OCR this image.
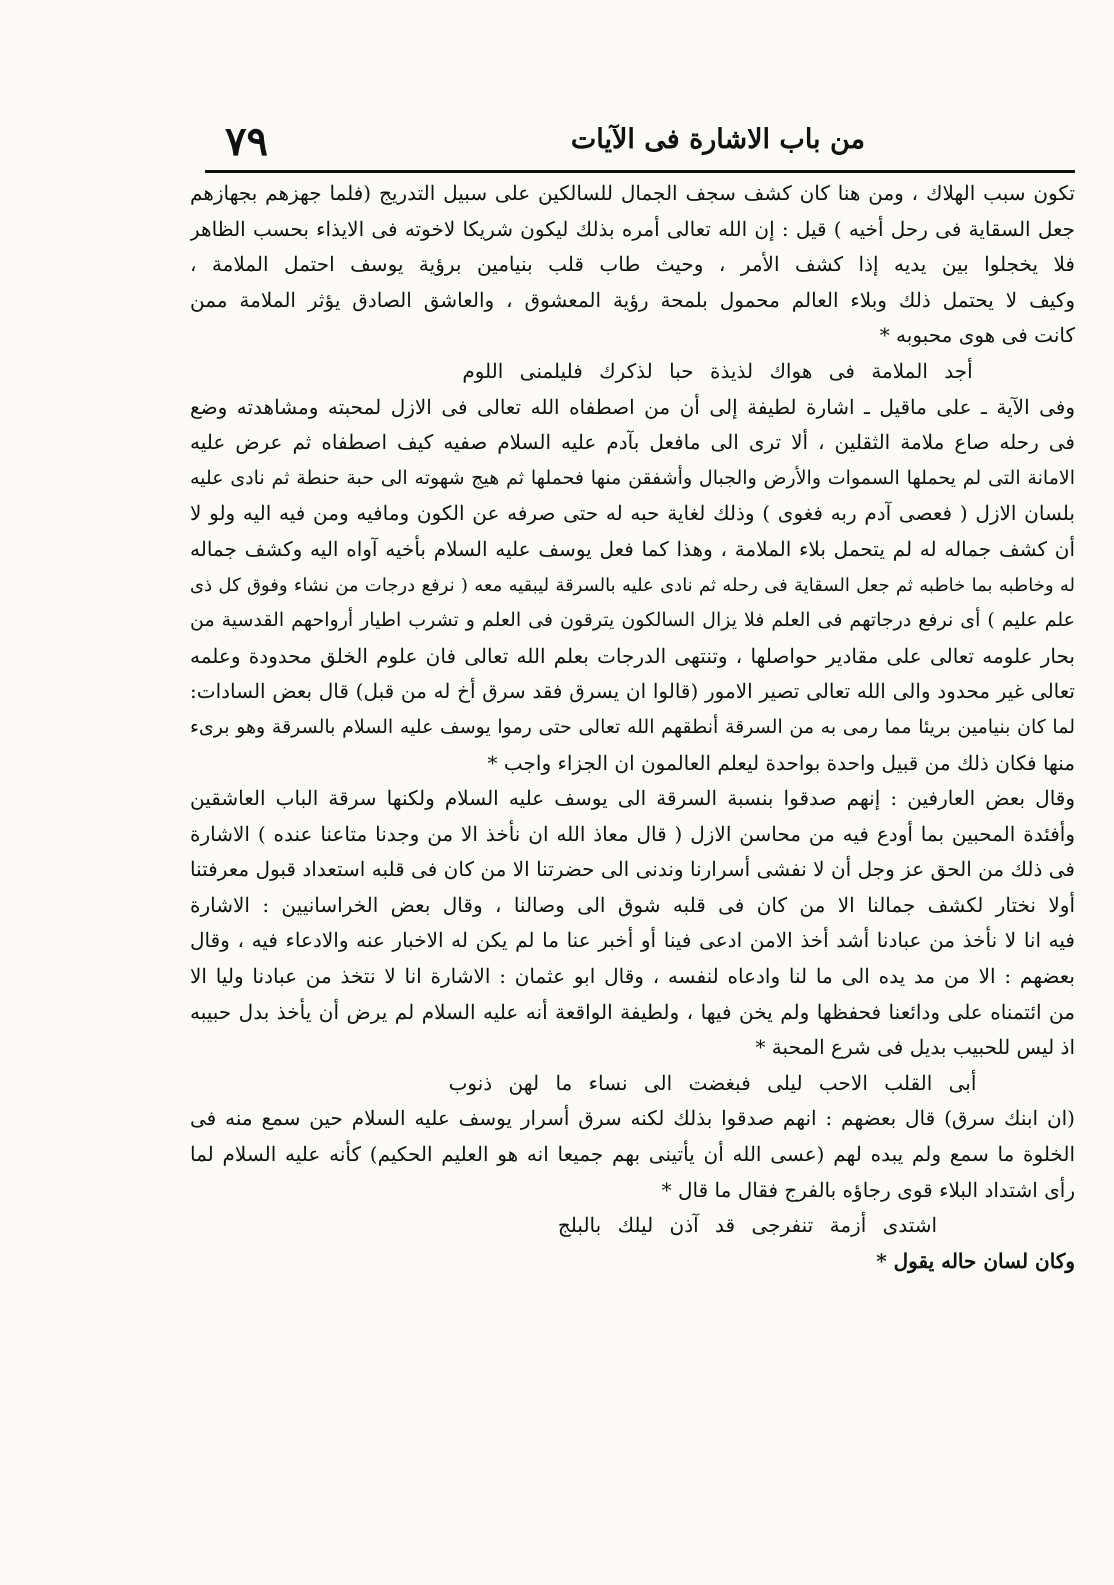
من باب الاشارة فى الآيات
٧٩
تكون سبب الهلاك ، ومن هنا كان كشف سجف الجمال للسالكين على سبيل التدريج (فلما جهزهم بجهازهم
جعل السقاية فى رحل أخيه ) قيل : إن الله تعالى أمره بذلك ليكون شريكا لاخوته فى الايذاء بحسب الظاهر
فلا يخجلوا بين يديه إذا كشف الأمر ، وحيث طاب قلب بنيامين برؤية يوسف احتمل الملامة ،
وكيف لا يحتمل ذلك وبلاء العالم محمول بلمحة رؤية المعشوق ، والعاشق الصادق يؤثر الملامة ممن
كانت فى هوى محبوبه *
أجد الملامة فى هواك لذيذة حبا لذكرك فليلمنى اللوم
وفى الآية ـ على ماقيل ـ اشارة لطيفة إلى أن من اصطفاه الله تعالى فى الازل لمحبته ومشاهدته وضع
فى رحله صاع ملامة الثقلين ، ألا ترى الى مافعل بآدم عليه السلام صفيه كيف اصطفاه ثم عرض عليه
الامانة التى لم يحملها السموات والأرض والجبال وأشفقن منها فحملها ثم هيج شهوته الى حبة حنطة ثم نادى عليه
بلسان الازل ( فعصى آدم ربه فغوى ) وذلك لغاية حبه له حتى صرفه عن الكون ومافيه ومن فيه اليه ولو لا
أن كشف جماله له لم يتحمل بلاء الملامة ، وهذا كما فعل يوسف عليه السلام بأخيه آواه اليه وكشف جماله
له وخاطبه بما خاطبه ثم جعل السقاية فى رحله ثم نادى عليه بالسرقة ليبقيه معه ( نرفع درجات من نشاء وفوق كل ذى
علم عليم ) أى نرفع درجاتهم فى العلم فلا يزال السالكون يترقون فى العلم و تشرب اطيار أرواحهم القدسية من
بحار علومه تعالى على مقادير حواصلها ، وتنتهى الدرجات بعلم الله تعالى فان علوم الخلق محدودة وعلمه
تعالى غير محدود والى الله تعالى تصير الامور (قالوا ان يسرق فقد سرق أخ له من قبل) قال بعض السادات:
لما كان بنيامين بريئا مما رمى به من السرقة أنطقهم الله تعالى حتى رموا يوسف عليه السلام بالسرقة وهو برىء
منها فكان ذلك من قبيل واحدة بواحدة ليعلم العالمون ان الجزاء واجب *
وقال بعض العارفين : إنهم صدقوا بنسبة السرقة الى يوسف عليه السلام ولكنها سرقة الباب العاشقين
وأفئدة المحبين بما أودع فيه من محاسن الازل ( قال معاذ الله ان نأخذ الا من وجدنا متاعنا عنده ) الاشارة
فى ذلك من الحق عز وجل أن لا نفشى أسرارنا وندنى الى حضرتنا الا من كان فى قلبه استعداد قبول معرفتنا
أولا نختار لكشف جمالنا الا من كان فى قلبه شوق الى وصالنا ، وقال بعض الخراسانيين : الاشارة
فيه انا لا نأخذ من عبادنا أشد أخذ الامن ادعى فينا أو أخبر عنا ما لم يكن له الاخبار عنه والادعاء فيه ، وقال
بعضهم : الا من مد يده الى ما لنا وادعاه لنفسه ، وقال ابو عثمان : الاشارة انا لا نتخذ من عبادنا وليا الا
من ائتمناه على ودائعنا فحفظها ولم يخن فيها ، ولطيفة الواقعة أنه عليه السلام لم يرض أن يأخذ بدل حبيبه
اذ ليس للحبيب بديل فى شرع المحبة *
أبى القلب الاحب ليلى فبغضت الى نساء ما لهن ذنوب
(ان ابنك سرق) قال بعضهم : انهم صدقوا بذلك لكنه سرق أسرار يوسف عليه السلام حين سمع منه فى
الخلوة ما سمع ولم يبده لهم (عسى الله أن يأتينى بهم جميعا انه هو العليم الحكيم) كأنه عليه السلام لما
رأى اشتداد البلاء قوى رجاؤه بالفرج فقال ما قال *
اشتدى أزمة تنفرجى قد آذن ليلك بالبلج
وكان لسان حاله يقول *
